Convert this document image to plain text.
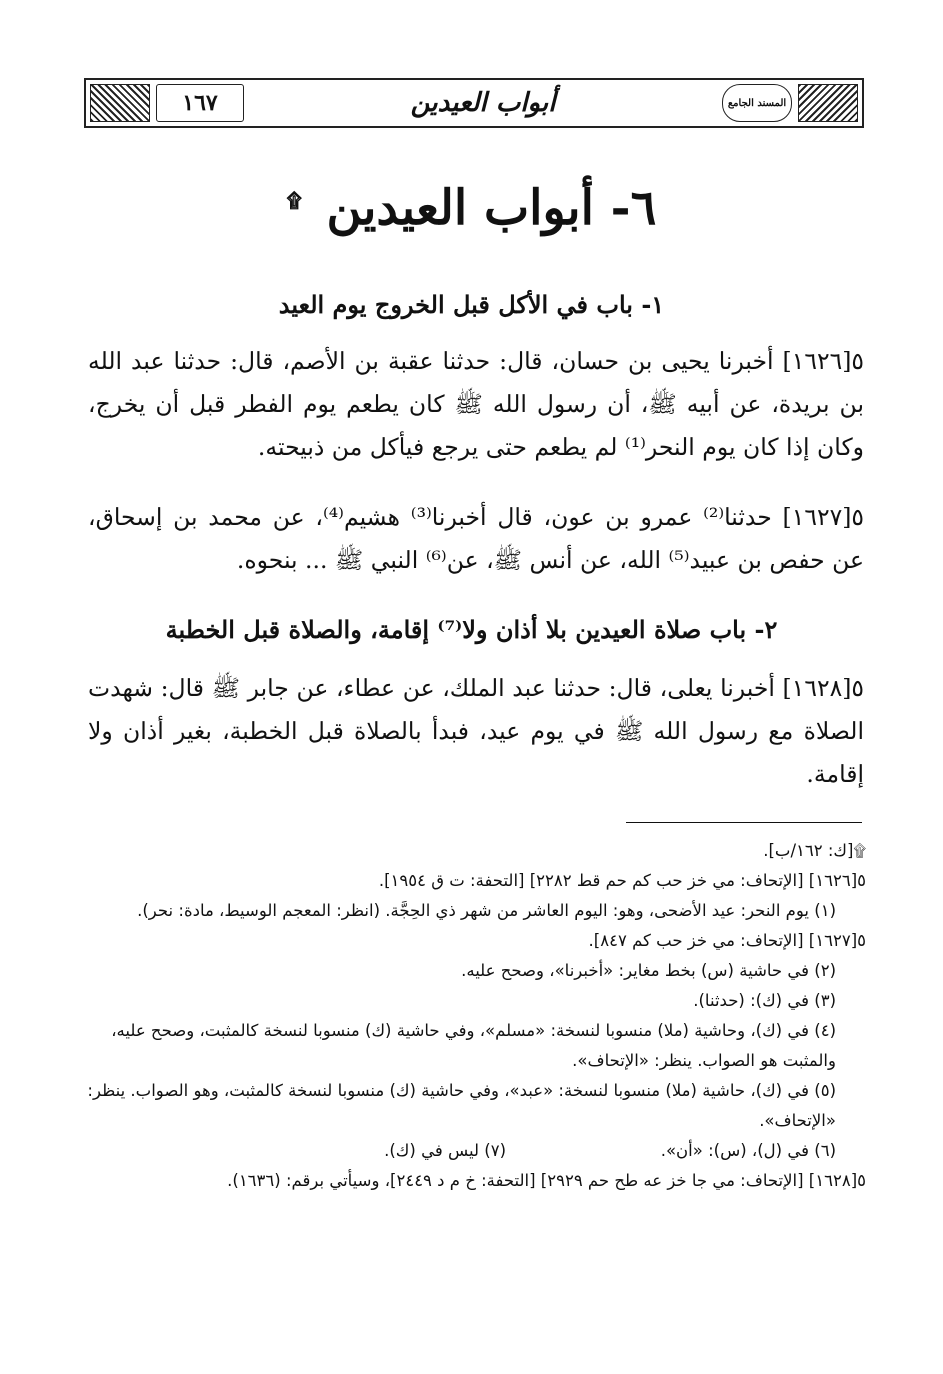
١٦٧	أبواب العيدين	المسند الجامع
٦- أبواب العيدين ۩
١- باب في الأكل قبل الخروج يوم العيد
٥[١٦٢٦] أخبرنا يحيى بن حسان، قال: حدثنا عقبة بن الأصم، قال: حدثنا عبد الله بن بريدة، عن أبيه ﷺ، أن رسول الله ﷺ كان يطعم يوم الفطر قبل أن يخرج، وكان إذا كان يوم النحر⁽¹⁾ لم يطعم حتى يرجع فيأكل من ذبيحته.
٥[١٦٢٧] حدثنا⁽²⁾ عمرو بن عون، قال أخبرنا⁽³⁾ هشيم⁽⁴⁾، عن محمد بن إسحاق، عن حفص بن عبيد⁽⁵⁾ الله، عن أنس ﷺ، عن⁽⁶⁾ النبي ﷺ ... بنحوه.
٢- باب صلاة العيدين بلا أذان ولا⁽⁷⁾ إقامة، والصلاة قبل الخطبة
٥[١٦٢٨] أخبرنا يعلى، قال: حدثنا عبد الملك، عن عطاء، عن جابر ﷺ قال: شهدت الصلاة مع رسول الله ﷺ في يوم عيد، فبدأ بالصلاة قبل الخطبة، بغير أذان ولا إقامة.
۩[ك: ١٦٢/ب].
٥[١٦٢٦] [الإتحاف: مي خز حب كم حم قط ٢٢٨٢] [التحفة: ت ق ١٩٥٤].
(١) يوم النحر: عيد الأضحى، وهو: اليوم العاشر من شهر ذي الحِجَّة. (انظر: المعجم الوسيط، مادة: نحر).
٥[١٦٢٧] [الإتحاف: مي خز حب كم ٨٤٧].
(٢) في حاشية (س) بخط مغاير: «أخبرنا»، وصحح عليه.
(٣) في (ك): (حدثنا).
(٤) في (ك)، وحاشية (ملا) منسوبا لنسخة: «مسلم»، وفي حاشية (ك) منسوبا لنسخة كالمثبت، وصحح عليه، والمثبت هو الصواب. ينظر: «الإتحاف».
(٥) في (ك)، حاشية (ملا) منسوبا لنسخة: «عبد»، وفي حاشية (ك) منسوبا لنسخة كالمثبت، وهو الصواب. ينظر: «الإتحاف».
(٦) في (ل)، (س): «أن».
(٧) ليس في (ك).
٥[١٦٢٨] [الإتحاف: مي جا خز عه طح حم ٢٩٢٩] [التحفة: خ م د ٢٤٤٩]، وسيأتي برقم: (١٦٣٦).
